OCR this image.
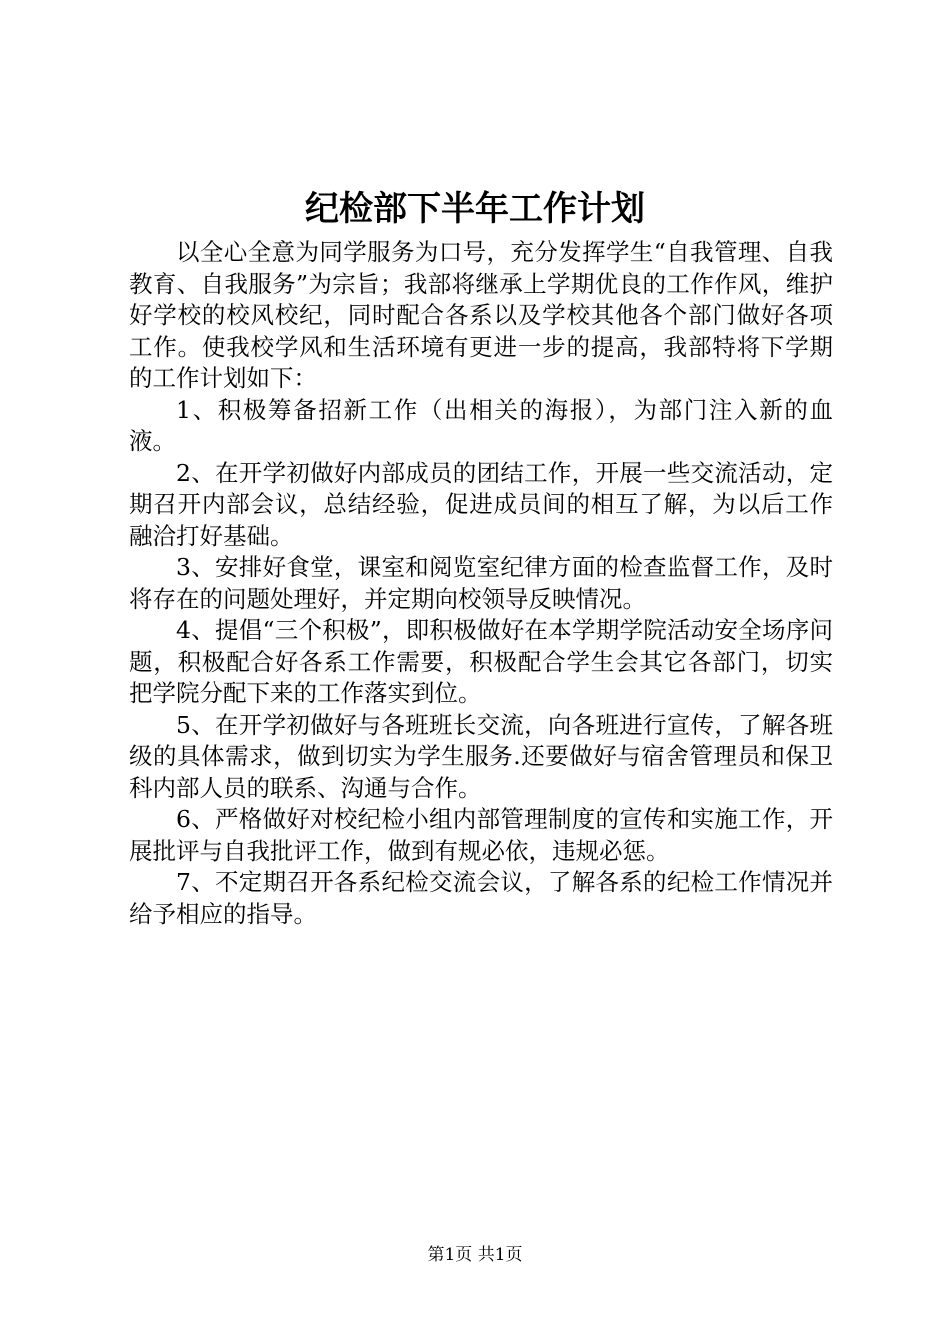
纪检部下半年工作计划

以全心全意为同学服务为口号，充分发挥学生“自我管理、自我教育、自我服务”为宗旨；我部将继承上学期优良的工作作风，维护好学校的校风校纪，同时配合各系以及学校其他各个部门做好各项工作。使我校学风和生活环境有更进一步的提高，我部特将下学期的工作计划如下：

1、积极筹备招新工作（出相关的海报），为部门注入新的血液。

2、在开学初做好内部成员的团结工作，开展一些交流活动，定期召开内部会议，总结经验，促进成员间的相互了解，为以后工作融洽打好基础。

3、安排好食堂，课室和阅览室纪律方面的检查监督工作，及时将存在的问题处理好，并定期向校领导反映情况。

4、提倡“三个积极”，即积极做好在本学期学院活动安全场序问题，积极配合好各系工作需要，积极配合学生会其它各部门，切实把学院分配下来的工作落实到位。

5、在开学初做好与各班班长交流，向各班进行宣传，了解各班级的具体需求，做到切实为学生服务.还要做好与宿舍管理员和保卫科内部人员的联系、沟通与合作。

6、严格做好对校纪检小组内部管理制度的宣传和实施工作，开展批评与自我批评工作，做到有规必依，违规必惩。

7、不定期召开各系纪检交流会议，了解各系的纪检工作情况并给予相应的指导。

第1页 共1页
